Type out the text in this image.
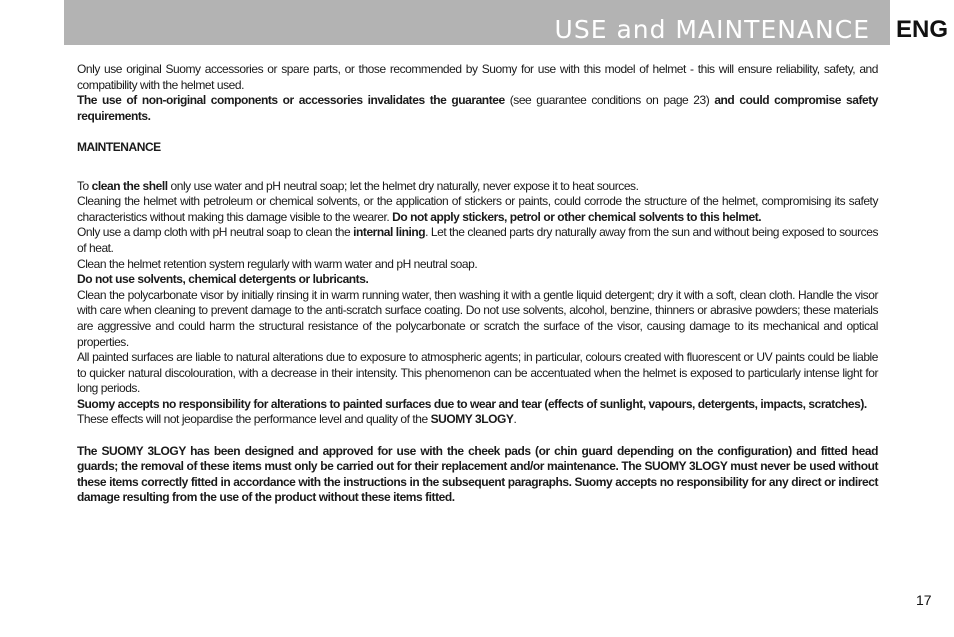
USE and MAINTENANCE ENG

Only use original Suomy accessories or spare parts, or those recommended by Suomy for use with this model of helmet - this will ensure reliability, safety, and compatibility with the helmet used.

The use of non-original components or accessories invalidates the guarantee (see guarantee conditions on page 23) and could compromise safety requirements.

MAINTENANCE

To clean the shell only use water and pH neutral soap; let the helmet dry naturally, never expose it to heat sources.

Cleaning the helmet with petroleum or chemical solvents, or the application of stickers or paints, could corrode the structure of the helmet, compromising its safety characteristics without making this damage visible to the wearer. Do not apply stickers, petrol or other chemical solvents to this helmet.

Only use a damp cloth with pH neutral soap to clean the internal lining. Let the cleaned parts dry naturally away from the sun and without being exposed to sources of heat.

Clean the helmet retention system regularly with warm water and pH neutral soap.

Do not use solvents, chemical detergents or lubricants.

Clean the polycarbonate visor by initially rinsing it in warm running water, then washing it with a gentle liquid detergent; dry it with a soft, clean cloth. Handle the visor with care when cleaning to prevent damage to the anti-scratch surface coating. Do not use solvents, alcohol, benzine, thinners or abrasive powders; these materials are aggressive and could harm the structural resistance of the polycarbonate or scratch the surface of the visor, causing damage to its mechanical and optical properties.

All painted surfaces are liable to natural alterations due to exposure to atmospheric agents; in particular, colours created with fluorescent or UV paints could be liable to quicker natural discolouration, with a decrease in their intensity. This phenomenon can be accentuated when the helmet is exposed to particularly intense light for long periods.

Suomy accepts no responsibility for alterations to painted surfaces due to wear and tear (effects of sunlight, vapours, detergents, impacts, scratches).

These effects will not jeopardise the performance level and quality of the SUOMY 3LOGY.

The SUOMY 3LOGY has been designed and approved for use with the cheek pads (or chin guard depending on the configuration) and fitted head guards; the removal of these items must only be carried out for their replacement and/or maintenance. The SUOMY 3LOGY must never be used without these items correctly fitted in accordance with the instructions in the subsequent paragraphs. Suomy accepts no responsibility for any direct or indirect damage resulting from the use of the product without these items fitted.

17
